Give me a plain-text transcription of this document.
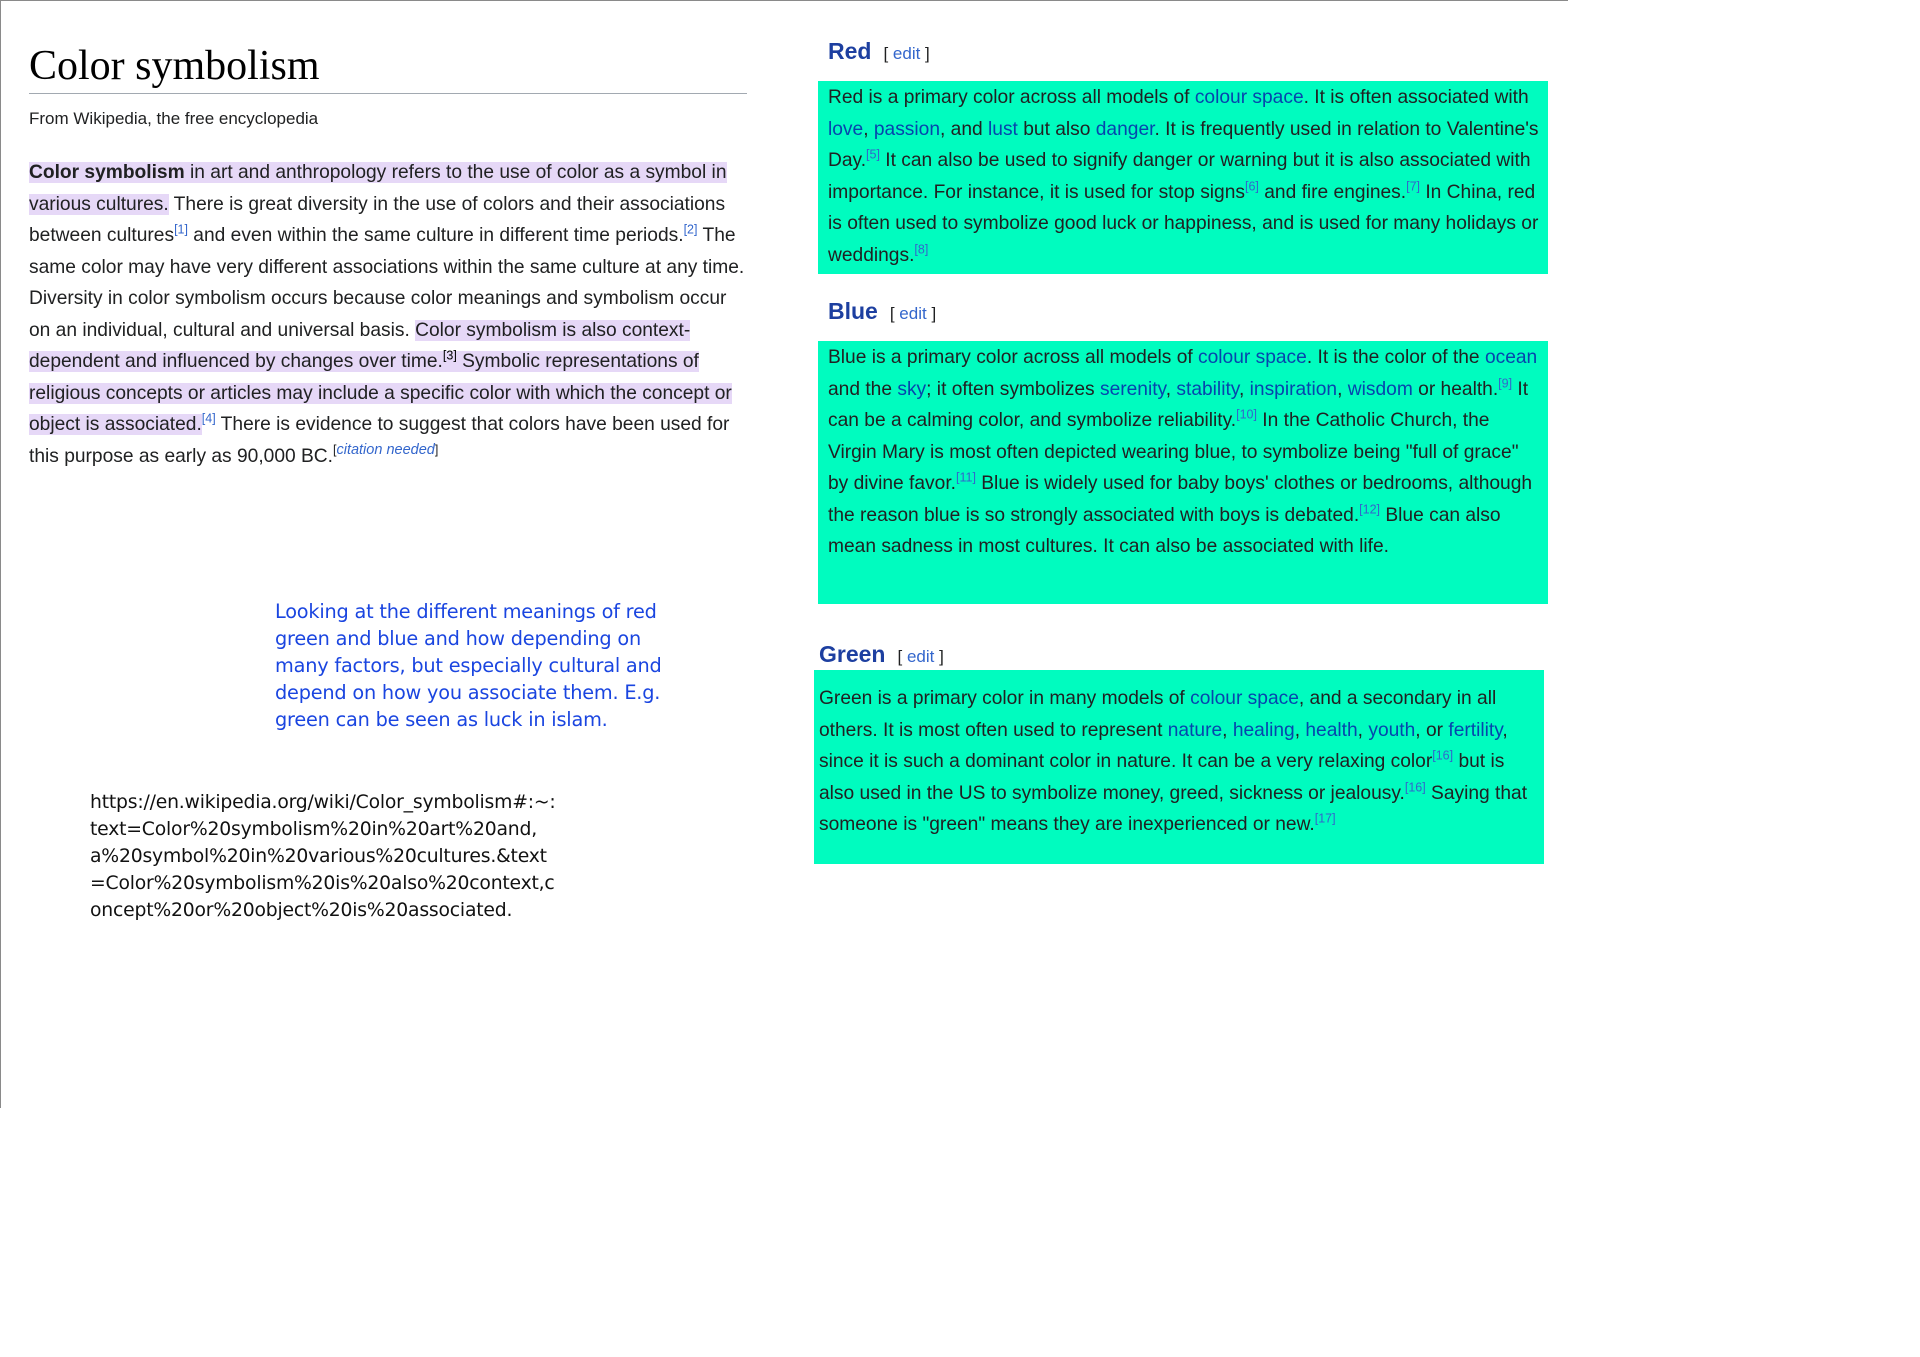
Color symbolism
From Wikipedia, the free encyclopedia

Color symbolism in art and anthropology refers to the use of color as a symbol in various cultures. There is great diversity in the use of colors and their associations between cultures[1] and even within the same culture in different time periods.[2] The same color may have very different associations within the same culture at any time. Diversity in color symbolism occurs because color meanings and symbolism occur on an individual, cultural and universal basis. Color symbolism is also context-dependent and influenced by changes over time.[3] Symbolic representations of religious concepts or articles may include a specific color with which the concept or object is associated.[4] There is evidence to suggest that colors have been used for this purpose as early as 90,000 BC.[citation needed]

Looking at the different meanings of red green and blue and how depending on many factors, but especially cultural and depend on how you associate them. E.g. green can be seen as luck in islam.

https://en.wikipedia.org/wiki/Color_symbolism#:~:text=Color%20symbolism%20in%20art%20and,a%20symbol%20in%20various%20cultures.&text=Color%20symbolism%20is%20also%20context,concept%20or%20object%20is%20associated.

Red [ edit ]

Red is a primary color across all models of colour space. It is often associated with love, passion, and lust but also danger. It is frequently used in relation to Valentine's Day.[5] It can also be used to signify danger or warning but it is also associated with importance. For instance, it is used for stop signs[6] and fire engines.[7] In China, red is often used to symbolize good luck or happiness, and is used for many holidays or weddings.[8]

Blue [ edit ]

Blue is a primary color across all models of colour space. It is the color of the ocean and the sky; it often symbolizes serenity, stability, inspiration, wisdom or health.[9] It can be a calming color, and symbolize reliability.[10] In the Catholic Church, the Virgin Mary is most often depicted wearing blue, to symbolize being "full of grace" by divine favor.[11] Blue is widely used for baby boys' clothes or bedrooms, although the reason blue is so strongly associated with boys is debated.[12] Blue can also mean sadness in most cultures. It can also be associated with life.

Green [ edit ]

Green is a primary color in many models of colour space, and a secondary in all others. It is most often used to represent nature, healing, health, youth, or fertility, since it is such a dominant color in nature. It can be a very relaxing color[16] but is also used in the US to symbolize money, greed, sickness or jealousy.[16] Saying that someone is "green" means they are inexperienced or new.[17]
